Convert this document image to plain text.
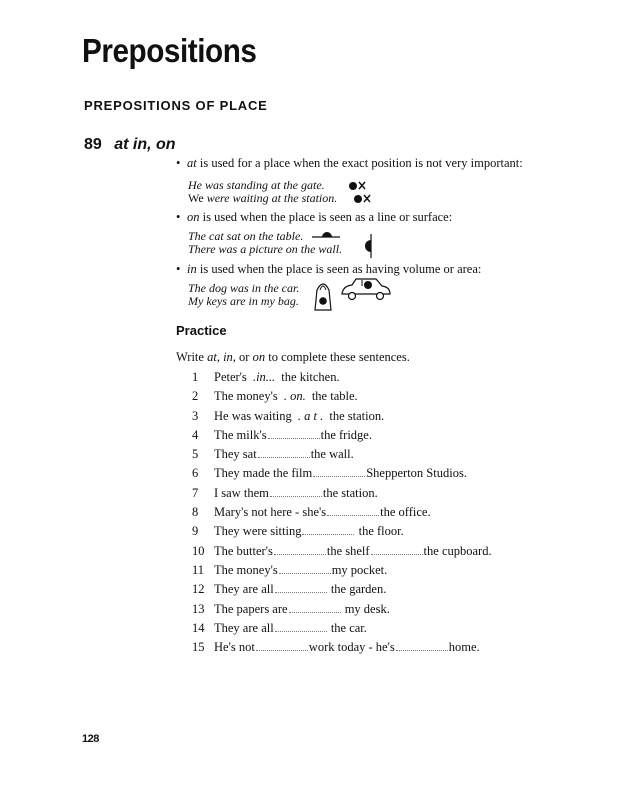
Prepositions
PREPOSITIONS OF PLACE
89 at in, on
• at is used for a place when the exact position is not very important:
He was standing at the gate.
We were waiting at the station.
• on is used when the place is seen as a line or surface:
The cat sat on the table.
There was a picture on the wall.
• in is used when the place is seen as having volume or area:
The dog was in the car.
My keys are in my bag.
Practice
Write at, in, or on to complete these sentences.
1	Peter's .in... the kitchen.
2	The money's . on. the table.
3	He was waiting . a t . the station.
4	The milk's	the fridge.
5	They sat	the wall.
6	They made the film	Shepperton Studios.
7	I saw them	the station.
8	Mary's not here - she's	the office.
9	They were sitting	the floor.
10 The butter's	the shelf	the cupboard.
11 The money's	my pocket.
12 They are all	the garden.
13 The papers are	my desk.
14 They are all	the car.
15 He's not	work today - he's	home.
128
